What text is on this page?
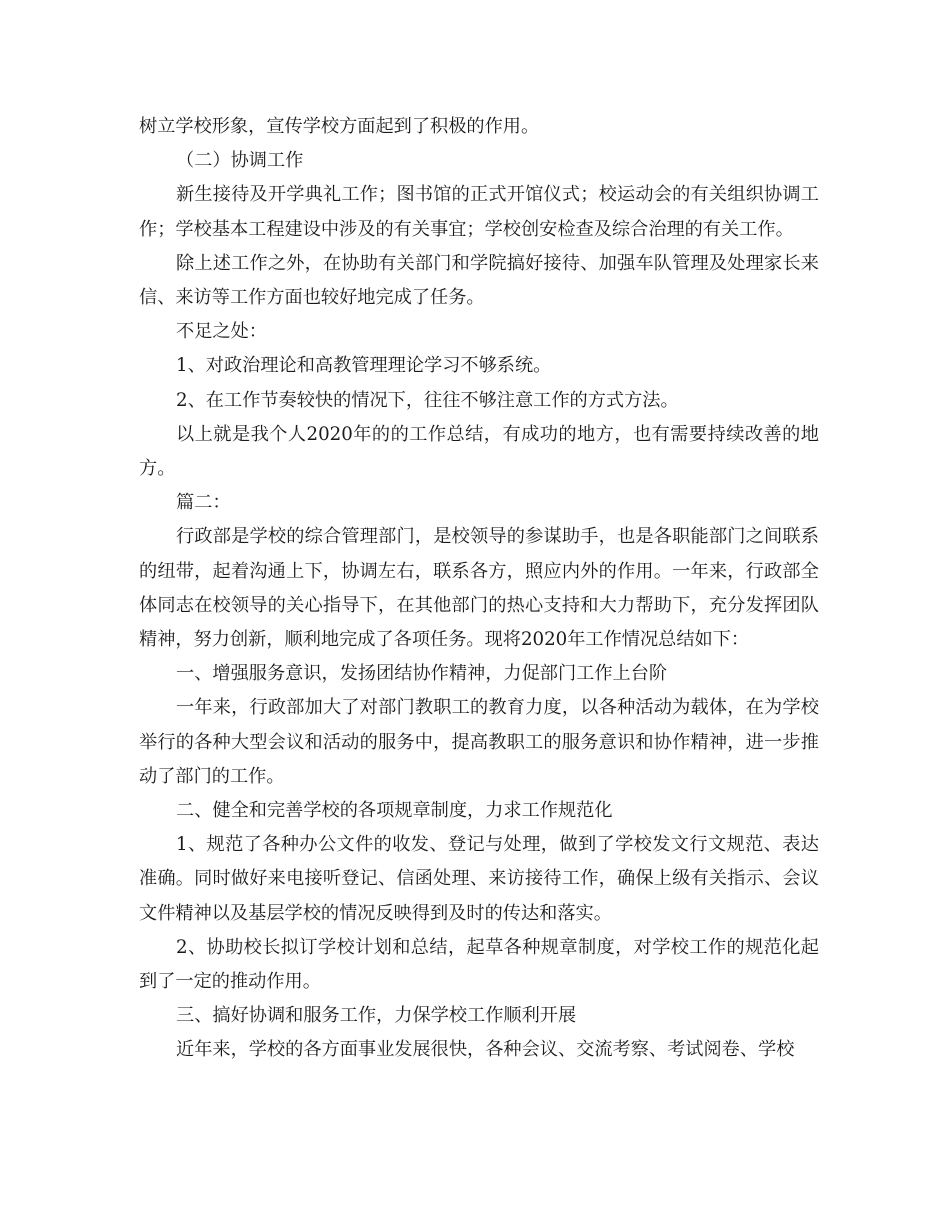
树立学校形象，宣传学校方面起到了积极的作用。

（二）协调工作

新生接待及开学典礼工作；图书馆的正式开馆仪式；校运动会的有关组织协调工作；学校基本工程建设中涉及的有关事宜；学校创安检查及综合治理的有关工作。

除上述工作之外，在协助有关部门和学院搞好接待、加强车队管理及处理家长来信、来访等工作方面也较好地完成了任务。

不足之处：

1、对政治理论和高教管理理论学习不够系统。

2、在工作节奏较快的情况下，往往不够注意工作的方式方法。

以上就是我个人2020年的的工作总结，有成功的地方，也有需要持续改善的地方。

篇二：

行政部是学校的综合管理部门，是校领导的参谋助手，也是各职能部门之间联系的纽带，起着沟通上下，协调左右，联系各方，照应内外的作用。一年来，行政部全体同志在校领导的关心指导下，在其他部门的热心支持和大力帮助下，充分发挥团队精神，努力创新，顺利地完成了各项任务。现将2020年工作情况总结如下：

一、增强服务意识，发扬团结协作精神，力促部门工作上台阶

一年来，行政部加大了对部门教职工的教育力度，以各种活动为载体，在为学校举行的各种大型会议和活动的服务中，提高教职工的服务意识和协作精神，进一步推动了部门的工作。

二、健全和完善学校的各项规章制度，力求工作规范化

1、规范了各种办公文件的收发、登记与处理，做到了学校发文行文规范、表达准确。同时做好来电接听登记、信函处理、来访接待工作，确保上级有关指示、会议文件精神以及基层学校的情况反映得到及时的传达和落实。

2、协助校长拟订学校计划和总结，起草各种规章制度，对学校工作的规范化起到了一定的推动作用。

三、搞好协调和服务工作，力保学校工作顺利开展

近年来，学校的各方面事业发展很快，各种会议、交流考察、考试阅卷、学校
